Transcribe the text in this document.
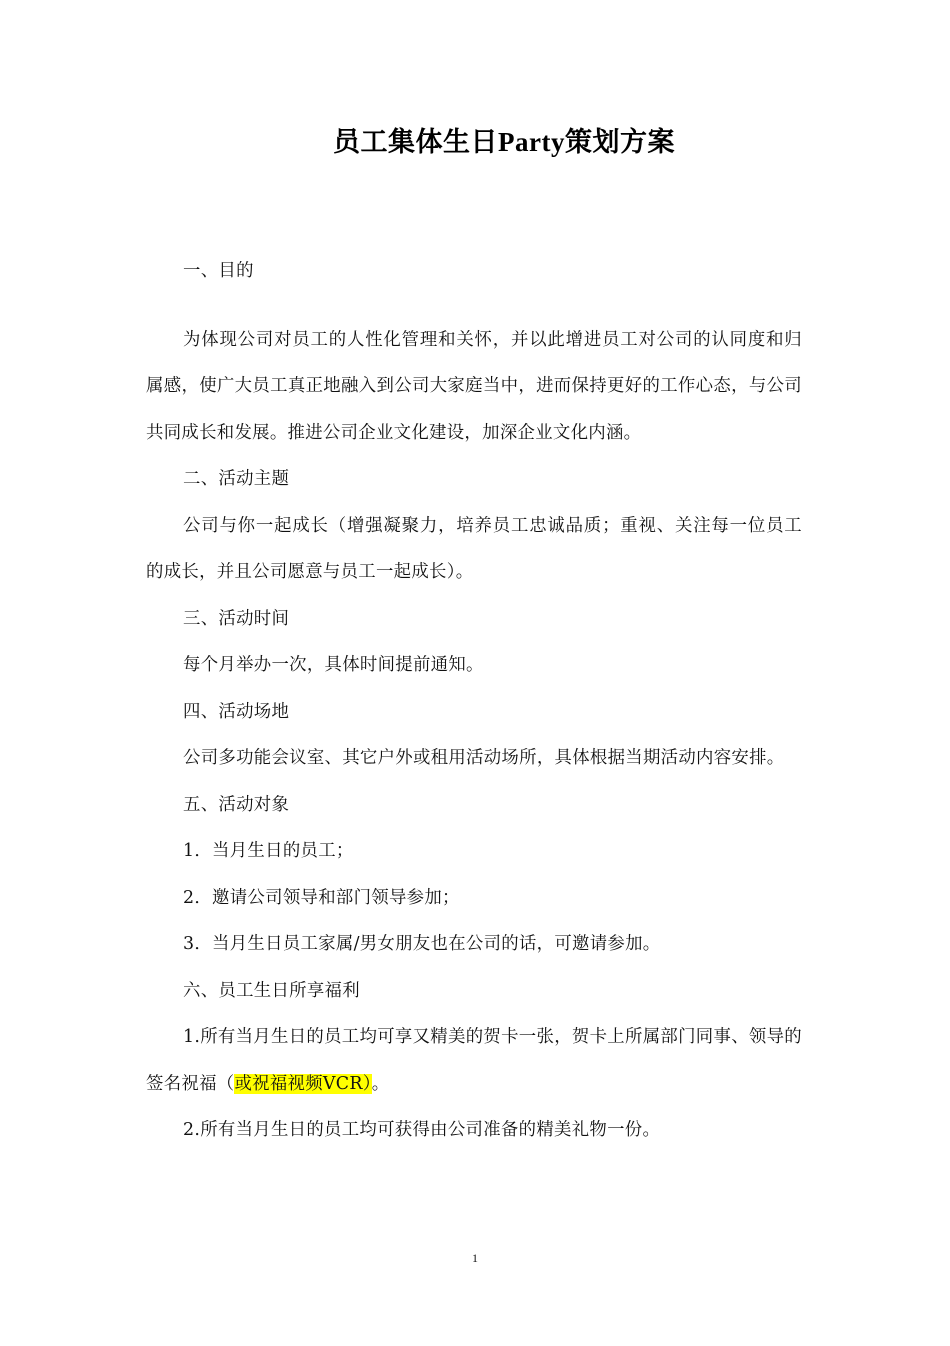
员工集体生日Party策划方案

一、目的

为体现公司对员工的人性化管理和关怀，并以此增进员工对公司的认同度和归属感，使广大员工真正地融入到公司大家庭当中，进而保持更好的工作心态，与公司共同成长和发展。推进公司企业文化建设，加深企业文化内涵。

二、活动主题

公司与你一起成长（增强凝聚力，培养员工忠诚品质；重视、关注每一位员工的成长，并且公司愿意与员工一起成长）。

三、活动时间

每个月举办一次，具体时间提前通知。

四、活动场地

公司多功能会议室、其它户外或租用活动场所，具体根据当期活动内容安排。

五、活动对象

1．当月生日的员工；

2．邀请公司领导和部门领导参加；

3．当月生日员工家属/男女朋友也在公司的话，可邀请参加。

六、员工生日所享福利

1.所有当月生日的员工均可享又精美的贺卡一张，贺卡上所属部门同事、领导的签名祝福（或祝福视频VCR）。

2.所有当月生日的员工均可获得由公司准备的精美礼物一份。

1
